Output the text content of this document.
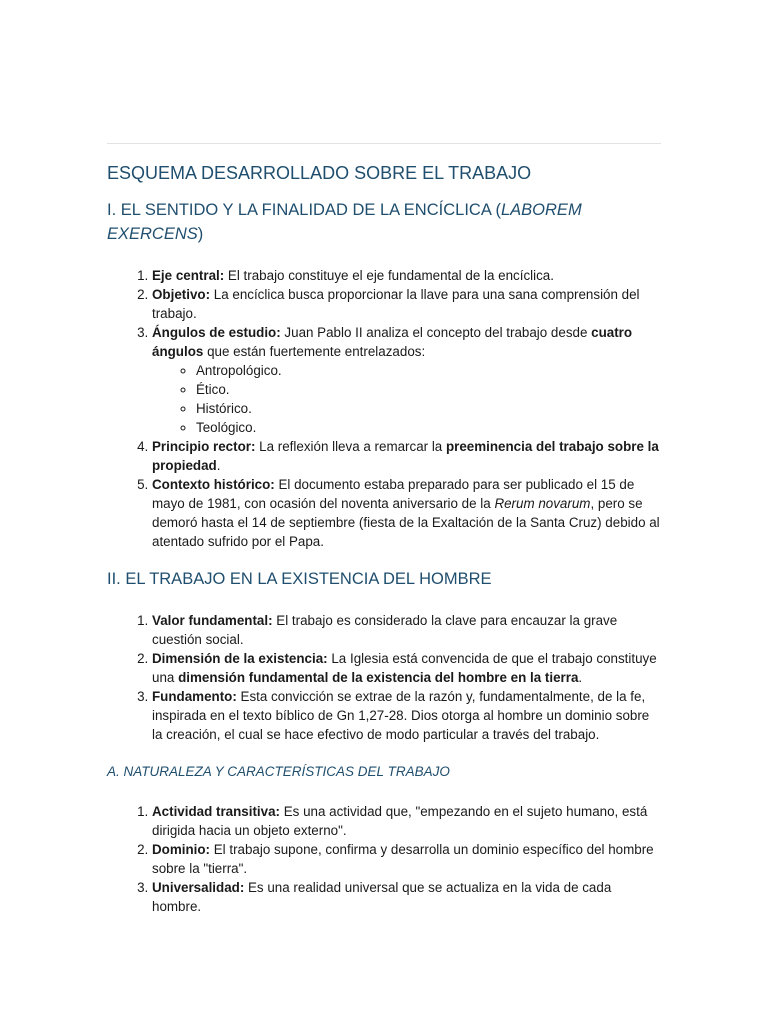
ESQUEMA DESARROLLADO SOBRE EL TRABAJO
I. EL SENTIDO Y LA FINALIDAD DE LA ENCÍCLICA (LABOREM EXERCENS)
1. Eje central: El trabajo constituye el eje fundamental de la encíclica.
2. Objetivo: La encíclica busca proporcionar la llave para una sana comprensión del trabajo.
3. Ángulos de estudio: Juan Pablo II analiza el concepto del trabajo desde cuatro ángulos que están fuertemente entrelazados:
◦ Antropológico.
◦ Ético.
◦ Histórico.
◦ Teológico.
4. Principio rector: La reflexión lleva a remarcar la preeminencia del trabajo sobre la propiedad.
5. Contexto histórico: El documento estaba preparado para ser publicado el 15 de mayo de 1981, con ocasión del noventa aniversario de la Rerum novarum, pero se demoró hasta el 14 de septiembre (fiesta de la Exaltación de la Santa Cruz) debido al atentado sufrido por el Papa.
II. EL TRABAJO EN LA EXISTENCIA DEL HOMBRE
1. Valor fundamental: El trabajo es considerado la clave para encauzar la grave cuestión social.
2. Dimensión de la existencia: La Iglesia está convencida de que el trabajo constituye una dimensión fundamental de la existencia del hombre en la tierra.
3. Fundamento: Esta convicción se extrae de la razón y, fundamentalmente, de la fe, inspirada en el texto bíblico de Gn 1,27-28. Dios otorga al hombre un dominio sobre la creación, el cual se hace efectivo de modo particular a través del trabajo.
A. NATURALEZA Y CARACTERÍSTICAS DEL TRABAJO
1. Actividad transitiva: Es una actividad que, "empezando en el sujeto humano, está dirigida hacia un objeto externo".
2. Dominio: El trabajo supone, confirma y desarrolla un dominio específico del hombre sobre la "tierra".
3. Universalidad: Es una realidad universal que se actualiza en la vida de cada hombre.
